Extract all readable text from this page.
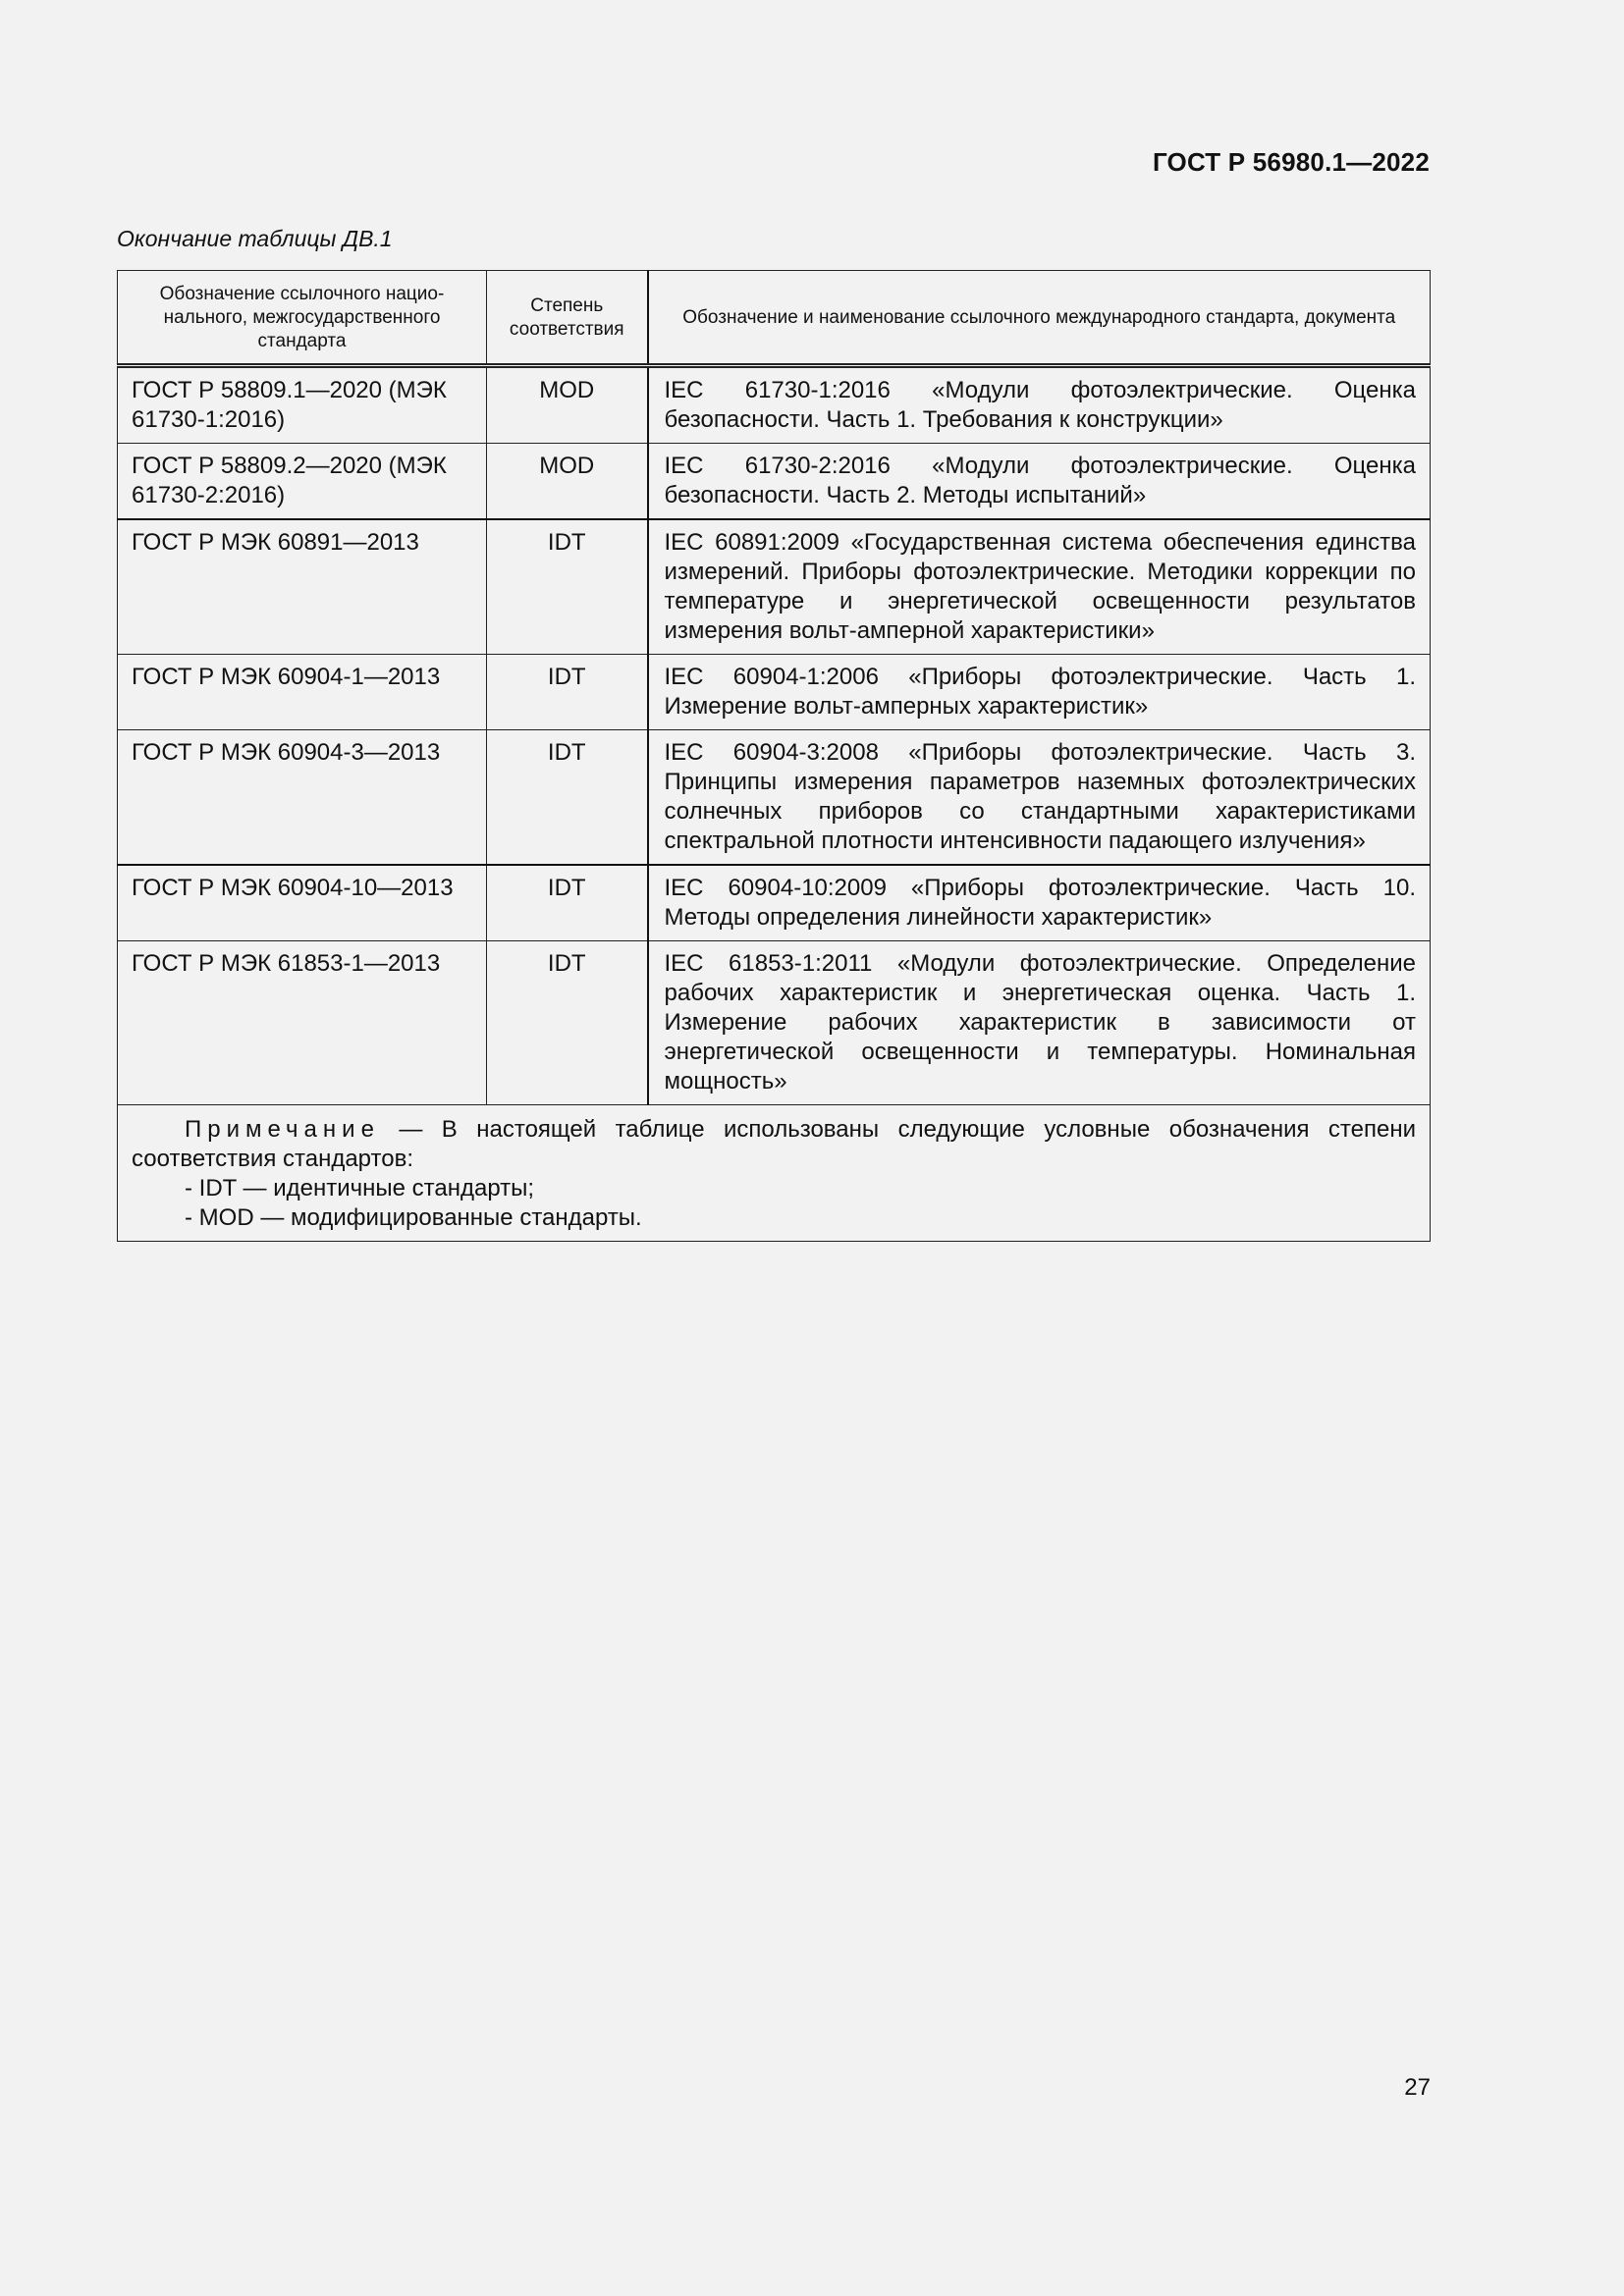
ГОСТ Р 56980.1—2022
Окончание таблицы ДВ.1
Обозначение ссылочного нацио-нального, межгосударственного стандарта	Степень соответствия	Обозначение и наименование ссылочного международного стандарта, документа
ГОСТ Р 58809.1—2020 (МЭК 61730-1:2016)	MOD	IEC 61730-1:2016 «Модули фотоэлектрические. Оценка безопасности. Часть 1. Требования к конструкции»
ГОСТ Р 58809.2—2020 (МЭК 61730-2:2016)	MOD	IEC 61730-2:2016 «Модули фотоэлектрические. Оценка безопасности. Часть 2. Методы испытаний»
ГОСТ Р МЭК 60891—2013	IDT	IEC 60891:2009 «Государственная система обеспечения единства измерений. Приборы фотоэлектрические. Методики коррекции по температуре и энергетической освещенности результатов измерения вольт-амперной характеристики»
ГОСТ Р МЭК 60904-1—2013	IDT	IEC 60904-1:2006 «Приборы фотоэлектрические. Часть 1. Измерение вольт-амперных характеристик»
ГОСТ Р МЭК 60904-3—2013	IDT	IEC 60904-3:2008 «Приборы фотоэлектрические. Часть 3. Принципы измерения параметров наземных фотоэлектрических солнечных приборов со стандартными характеристиками спектральной плотности интенсивности падающего излучения»
ГОСТ Р МЭК 60904-10—2013	IDT	IEC 60904-10:2009 «Приборы фотоэлектрические. Часть 10. Методы определения линейности характеристик»
ГОСТ Р МЭК 61853-1—2013	IDT	IEC 61853-1:2011 «Модули фотоэлектрические. Определение рабочих характеристик и энергетическая оценка. Часть 1. Измерение рабочих характеристик в зависимости от энергетической освещенности и температуры. Номинальная мощность»

Примечание — В настоящей таблице использованы следующие условные обозначения степени соответствия стандартов:
- IDT — идентичные стандарты;
- MOD — модифицированные стандарты.		
27
